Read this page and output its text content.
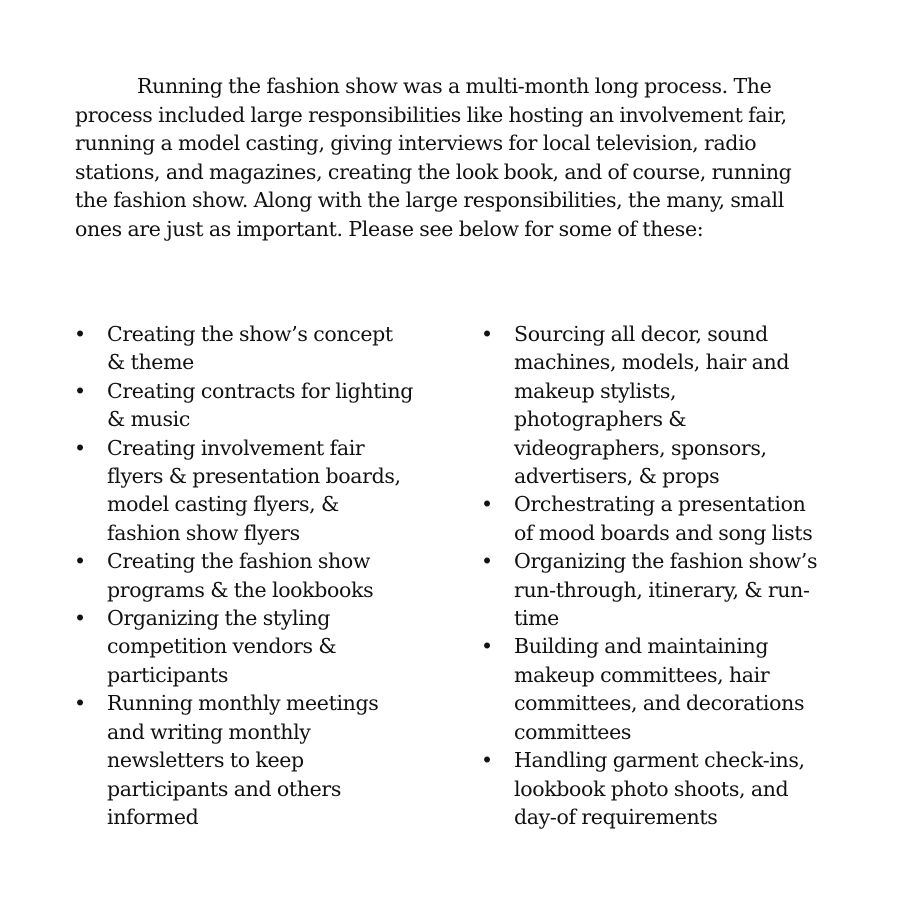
Running the fashion show was a multi-month long process. The
process included large responsibilities like hosting an involvement fair,
running a model casting, giving interviews for local television, radio
stations, and magazines, creating the look book, and of course, running
the fashion show. Along with the large responsibilities, the many, small
ones are just as important. Please see below for some of these:

• Creating the show’s concept
& theme
• Creating contracts for lighting
& music
• Creating involvement fair
flyers & presentation boards,
model casting flyers, &
fashion show flyers
• Creating the fashion show
programs & the lookbooks
• Organizing the styling
competition vendors &
participants
• Running monthly meetings
and writing monthly
newsletters to keep
participants and others
informed
• Sourcing all decor, sound
machines, models, hair and
makeup stylists,
photographers &
videographers, sponsors,
advertisers, & props
• Orchestrating a presentation
of mood boards and song lists
• Organizing the fashion show’s
run-through, itinerary, & run-
time
• Building and maintaining
makeup committees, hair
committees, and decorations
committees
• Handling garment check-ins,
lookbook photo shoots, and
day-of requirements
